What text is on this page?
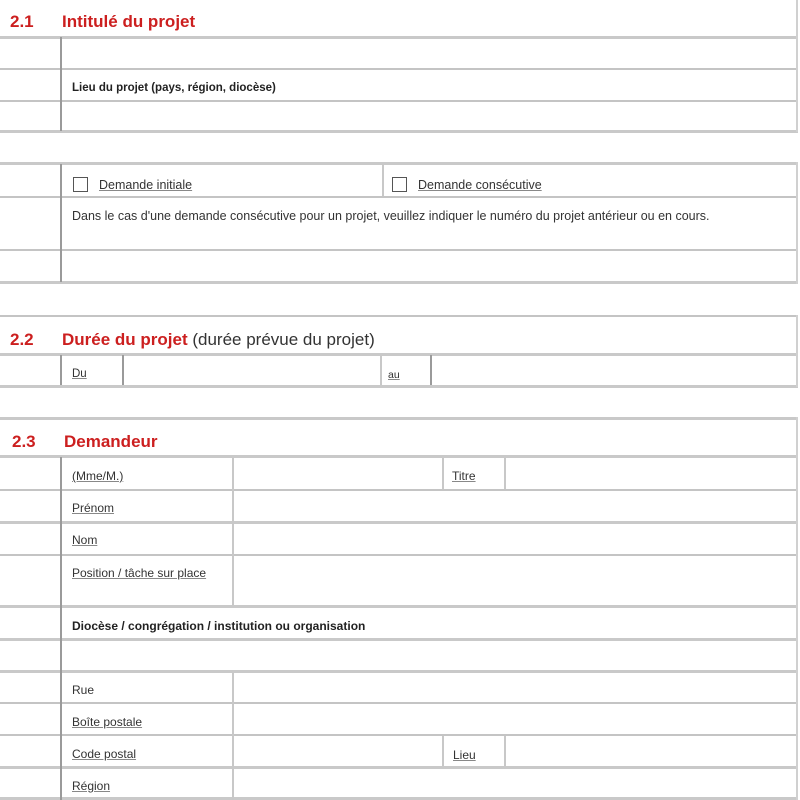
2.1 Intitulé du projet
Lieu du projet (pays, région, diocèse)
Demande initiale	Demande consécutive
Dans le cas d'une demande consécutive pour un projet, veuillez indiquer le numéro du projet antérieur ou en cours.
2.2 Durée du projet (durée prévue du projet)
Du	au
2.3 Demandeur
(Mme/M.)	Titre
Prénom
Nom
Position / tâche sur place
Diocèse / congrégation / institution ou organisation
Rue
Boîte postale
Code postal	Lieu
Région
